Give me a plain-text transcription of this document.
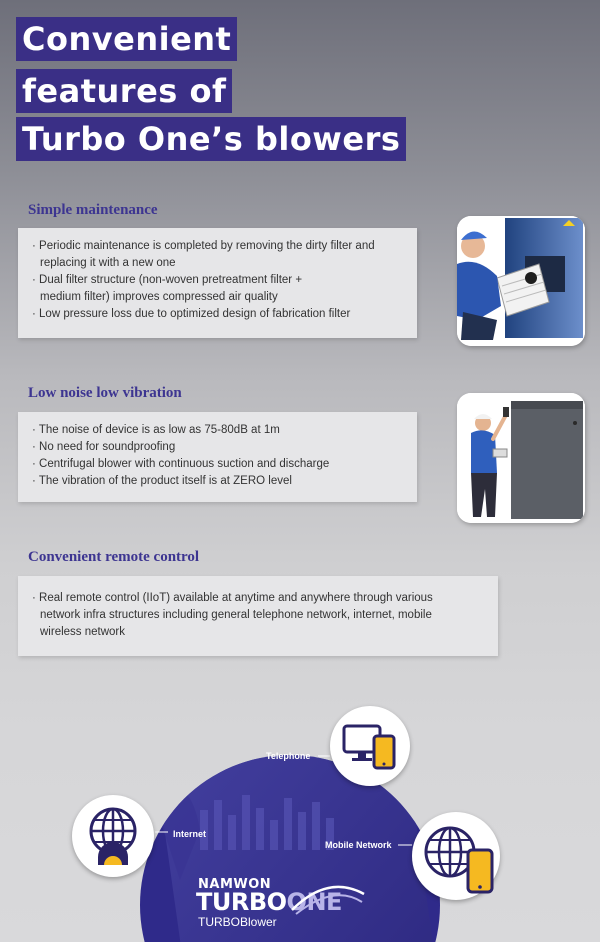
Convenient
features of
Turbo One’s blowers
Simple maintenance
· Periodic maintenance is completed by removing the dirty filter and replacing it with a new one
· Dual filter structure (non-woven pretreatment filter + medium filter) improves compressed air quality
· Low pressure loss due to optimized design of fabrication filter
Low noise low vibration
· The noise of device is as low as 75-80dB at 1m
· No need for soundproofing
· Centrifugal blower with continuous suction and discharge
· The vibration of the product itself is at ZERO level
Convenient remote control
· Real remote control (IIoT) available at anytime and anywhere through various network infra structures including general telephone network, internet, mobile wireless network
Telephone
Internet
Mobile Network
NAMWON
TURBOONE
TURBOBlower
